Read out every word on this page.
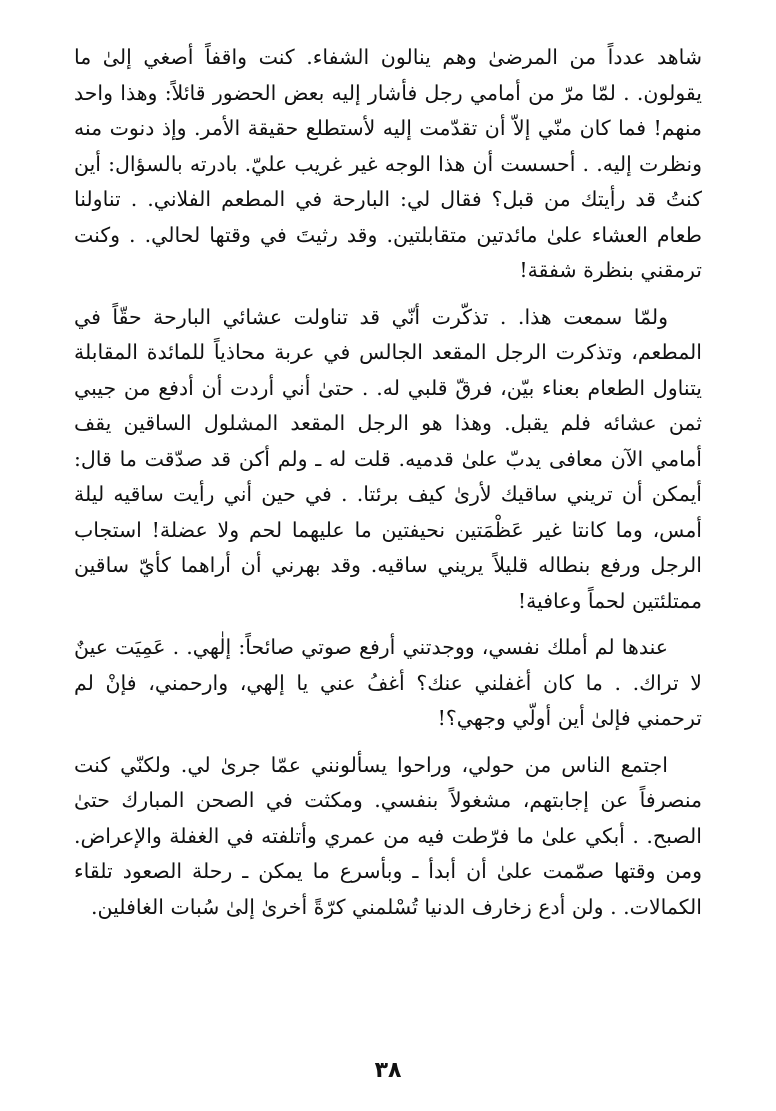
شاهد عدداً من المرضىٰ وهم ينالون الشفاء. كنت واقفاً أصغي إلىٰ ما يقولون. . لمّا مرّ من أمامي رجل فأشار إليه بعض الحضور قائلاً: وهذا واحد منهم! فما كان منّي إلاّ أن تقدّمت إليه لأستطلع حقيقة الأمر. وإذ دنوت منه ونظرت إليه. . أحسست أن هذا الوجه غير غريب عليّ. بادرته بالسؤال: أين كنتُ قد رأيتك من قبل؟ فقال لي: البارحة في المطعم الفلاني. . تناولنا طعام العشاء علىٰ مائدتين متقابلتين. وقد رثيتَ في وقتها لحالي. . وكنت ترمقني بنظرة شفقة!

ولمّا سمعت هذا. . تذكّرت أنّي قد تناولت عشائي البارحة حقّاً في المطعم، وتذكرت الرجل المقعد الجالس في عربة محاذياً للمائدة المقابلة يتناول الطعام بعناء بيّن، فرقّ قلبي له. . حتىٰ أني أردت أن أدفع من جيبي ثمن عشائه فلم يقبل. وهذا هو الرجل المقعد المشلول الساقين يقف أمامي الآن معافى يدبّ علىٰ قدميه. قلت له ـ ولم أكن قد صدّقت ما قال: أيمكن أن تريني ساقيك لأرىٰ كيف برئتا. . في حين أني رأيت ساقيه ليلة أمس، وما كانتا غير عَظْمَتين نحيفتين ما عليهما لحم ولا عضلة! استجاب الرجل ورفع بنطاله قليلاً يريني ساقيه. وقد بهرني أن أراهما كأيّ ساقين ممتلئتين لحماً وعافية!

عندها لم أملك نفسي، ووجدتني أرفع صوتي صائحاً: إلٰهي. . عَمِيَت عينٌ لا تراك. . ما كان أغفلني عنك؟ أغفُ عني يا إلهي، وارحمني، فإنْ لم ترحمني فإلىٰ أين أولّي وجهي؟!

اجتمع الناس من حولي، وراحوا يسألونني عمّا جرىٰ لي. ولكنّي كنت منصرفاً عن إجابتهم، مشغولاً بنفسي. ومكثت في الصحن المبارك حتىٰ الصبح. . أبكي علىٰ ما فرّطت فيه من عمري وأتلفته في الغفلة والإعراض. ومن وقتها صمّمت علىٰ أن أبدأ ـ وبأسرع ما يمكن ـ رحلة الصعود تلقاء الكمالات. . ولن أدع زخارف الدنيا تُسْلمني كرّةً أخرىٰ إلىٰ سُبات الغافلين.

٣٨
